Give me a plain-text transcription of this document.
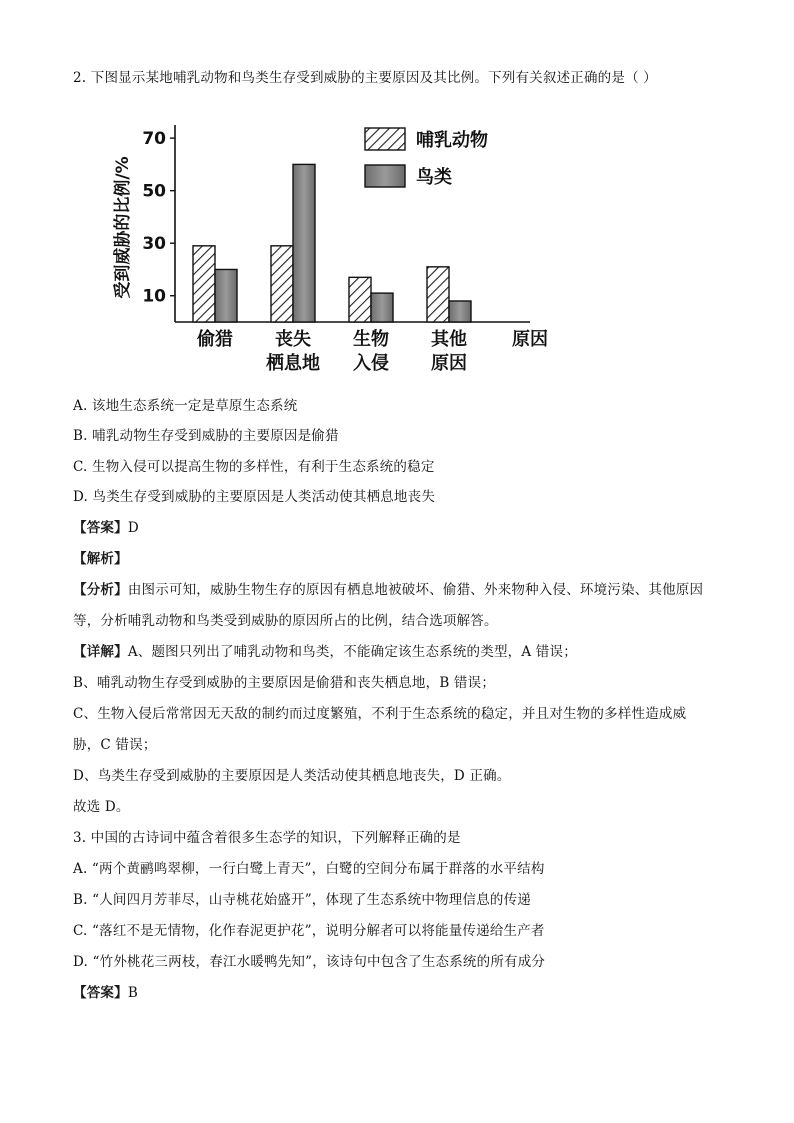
2. 下图显示某地哺乳动物和鸟类生存受到威胁的主要原因及其比例。下列有关叙述正确的是（ ）
10
30
50
70
受到威胁的比例/%
偷猎 丧失
栖息地
生物
入侵
其他
原因
原因
哺乳动物
鸟类
A. 该地生态系统一定是草原生态系统
B. 哺乳动物生存受到威胁的主要原因是偷猎
C. 生物入侵可以提高生物的多样性，有利于生态系统的稳定
D. 鸟类生存受到威胁的主要原因是人类活动使其栖息地丧失
【答案】D
【解析】
【分析】由图示可知，威胁生物生存的原因有栖息地被破坏、偷猎、外来物种入侵、环境污染、其他原因
等，分析哺乳动物和鸟类受到威胁的原因所占的比例，结合选项解答。
【详解】A、题图只列出了哺乳动物和鸟类，不能确定该生态系统的类型，A 错误；
B、哺乳动物生存受到威胁的主要原因是偷猎和丧失栖息地，B 错误；
C、生物入侵后常常因无天敌的制约而过度繁殖，不利于生态系统的稳定，并且对生物的多样性造成威
胁，C 错误；
D、鸟类生存受到威胁的主要原因是人类活动使其栖息地丧失，D 正确。
故选 D。
3. 中国的古诗词中蕴含着很多生态学的知识，下列解释正确的是
A. “两个黄鹂鸣翠柳，一行白鹭上青天”，白鹭的空间分布属于群落的水平结构
B. “人间四月芳菲尽，山寺桃花始盛开”，体现了生态系统中物理信息的传递
C. “落红不是无情物，化作春泥更护花”，说明分解者可以将能量传递给生产者
D. “竹外桃花三两枝，春江水暖鸭先知”，该诗句中包含了生态系统的所有成分
【答案】B
